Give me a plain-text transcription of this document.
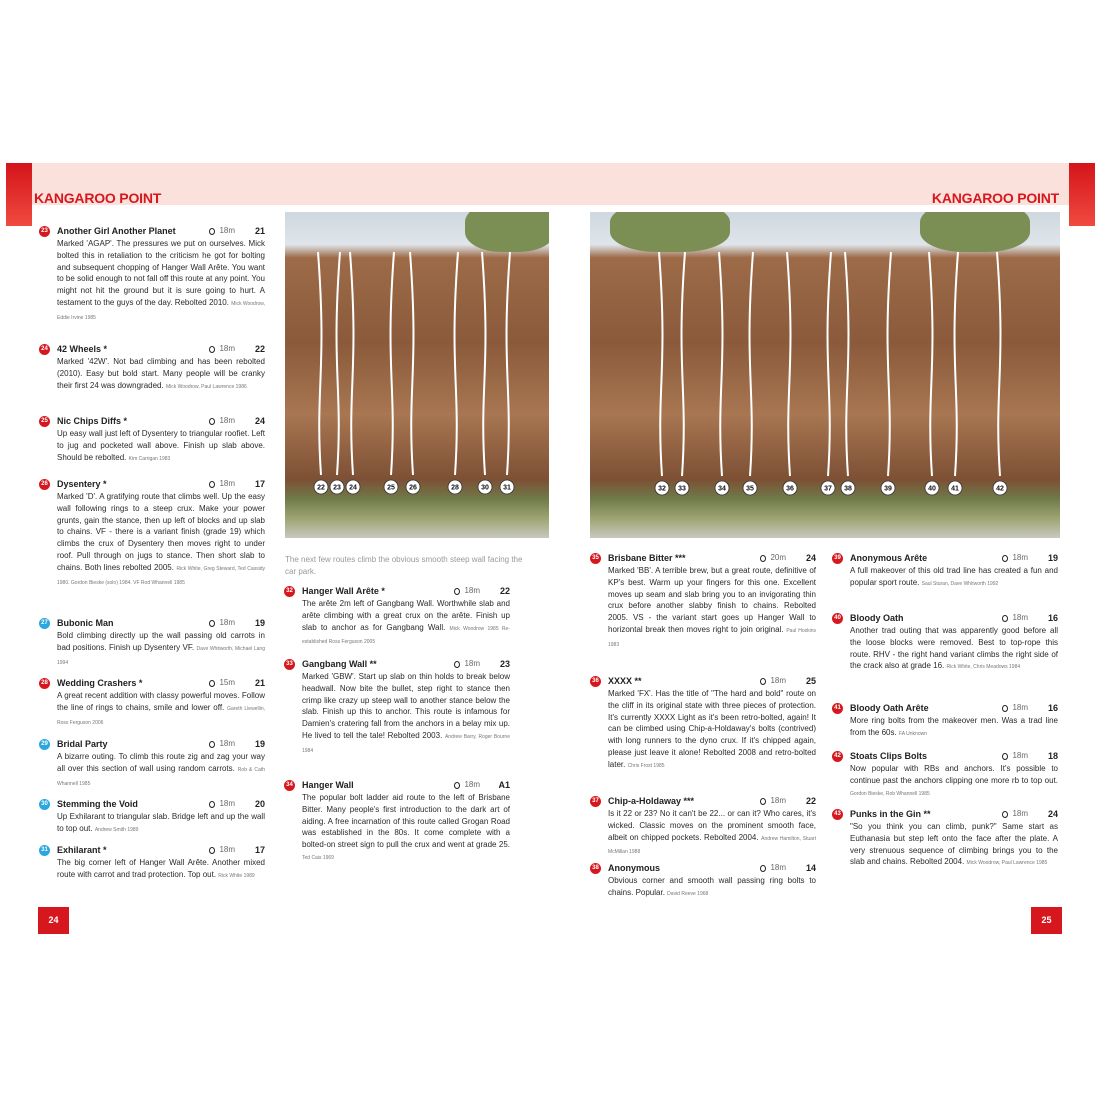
KANGAROO POINT
23 Another Girl Another Planet	18m 21
Marked 'AGAP'. The pressures we put on ourselves. Mick bolted this in retaliation to the criticism he got for bolting and subsequent chopping of Hanger Wall Arête. You want to be solid enough to not fall off this route at any point. You might not hit the ground but it is sure going to hurt. A testament to the guys of the day. Rebolted 2010. Mick Woodrow, Eddie Irvine 1985
24 42 Wheels *	18m 22
Marked '42W'. Not bad climbing and has been rebolted (2010). Easy but bold start. Many people will be cranky their first 24 was downgraded. Mick Woodrow, Paul Lawrence 1986
25 Nic Chips Diffs *	18m 24
Up easy wall just left of Dysentery to triangular roofiet. Left to jug and pocketed wall above. Finish up slab above. Should be rebolted. Kim Carrigan 1983
26 Dysentery *	18m 17
Marked 'D'. A gratifying route that climbs well. Up the easy wall following rings to a steep crux. Make your power grunts, gain the stance, then up left of blocks and up slab to chains. VF - there is a variant finish (grade 19) which climbs the crux of Dysentery then moves right to under roof. Pull through on jugs to stance. Then short slab to chains. Both lines rebolted 2005. Rick White, Greg Steward, Ted Cassidy 1980. Gordon Bieske (solo) 1984. VF Rod Whannell 1985
27 Bubonic Man	18m 19
Bold climbing directly up the wall passing old carrots in bad positions. Finish up Dysentery VF. Dave Whitworth, Michael Lang 1994
28 Wedding Crashers *	15m 21
A great recent addition with classy powerful moves. Follow the line of rings to chains, smile and lower off. Gareth Llewellin, Ross Ferguson 2006
29 Bridal Party	18m 19
A bizarre outing. To climb this route zig and zag your way all over this section of wall using random carrots. Rob & Cath Whannell 1985
30 Stemming the Void	18m 20
Up Exhilarant to triangular slab. Bridge left and up the wall to top out. Andrew Smith 1989
31 Exhilarant *	18m 17
The big corner left of Hanger Wall Arête. Another mixed route with carrot and trad protection. Top out. Rick White 1989
22 23 24	25 26	28	30 31
The next few routes climb the obvious smooth steep wall facing the car park.
32 Hanger Wall Arête *	18m 22
The arête 2m left of Gangbang Wall. Worthwhile slab and arête climbing with a great crux on the arête. Finish up slab to anchor as for Gangbang Wall. Mick Woodrow 1985 Re-established Ross Ferguson 2005
33 Gangbang Wall **	18m 23
Marked 'GBW'. Start up slab on thin holds to break below headwall. Now bite the bullet, step right to stance then crimp like crazy up steep wall to another stance below the slab. Finish up this to anchor. This route is infamous for Damien's cratering fall from the anchors in a belay mix up. He lived to tell the tale! Rebolted 2003. Andrew Barry, Roger Bourne 1984
34 Hanger Wall	18m A1
The popular bolt ladder aid route to the left of Brisbane Bitter. Many people's first introduction to the dark art of aiding. A free incarnation of this route called Grogan Road was established in the 80s. It come complete with a bolted-on street sign to pull the crux and went at grade 25. Ted Cais 1969
24
KANGAROO POINT
32 33	34	35	36	37 38	39	40 41	42
35 Brisbane Bitter ***	20m 24
Marked 'BB'. A terrible brew, but a great route, definitive of KP's best. Warm up your fingers for this one. Excellent moves up seam and slab bring you to an invigorating thin crux before another slabby finish to chains. Rebolted 2005. VS - the variant start goes up Hanger Wall to horizontal break then moves right to join original. Paul Hoskins 1983
36 XXXX **	18m 25
Marked 'FX'. Has the title of "The hard and bold" route on the cliff in its original state with three pieces of protection. It's currently XXXX Light as it's been retro-bolted, again! It can be climbed using Chip-a-Holdaway's bolts (contrived) with long runners to the dyno crux. If it's chipped again, please just leave it alone! Rebolted 2008 and retro-bolted later. Chris Frost 1985
37 Chip-a-Holdaway ***	18m 22
Is it 22 or 23? No it can't be 22... or can it? Who cares, it's wicked. Classic moves on the prominent smooth face, albeit on chipped pockets. Rebolted 2004. Andrew Hamilton, Stuart McMillan 1988
38 Anonymous	18m 14
Obvious corner and smooth wall passing ring bolts to chains. Popular. David Reeve 1968
39 Anonymous Arête	18m 19
A full makeover of this old trad line has created a fun and popular sport route. Saul Sturan, Dave Whitworth 1992
40 Bloody Oath	18m 16
Another trad outing that was apparently good before all the loose blocks were removed. Best to top-rope this route. RHV - the right hand variant climbs the right side of the crack also at grade 16. Rick White, Chris Meadows 1984
41 Bloody Oath Arête	18m 16
More ring bolts from the makeover men. Was a trad line from the 60s. FA Unknown
42 Stoats Clips Bolts	18m 18
Now popular with RBs and anchors. It's possible to continue past the anchors clipping one more rb to top out. Gordon Bieske, Rob Whannell 1985
43 Punks in the Gin **	18m 24
"So you think you can climb, punk?" Same start as Euthanasia but step left onto the face after the plate. A very strenuous sequence of climbing brings you to the slab and chains. Rebolted 2004. Mick Woodrow, Paul Lawrence 1985
25
